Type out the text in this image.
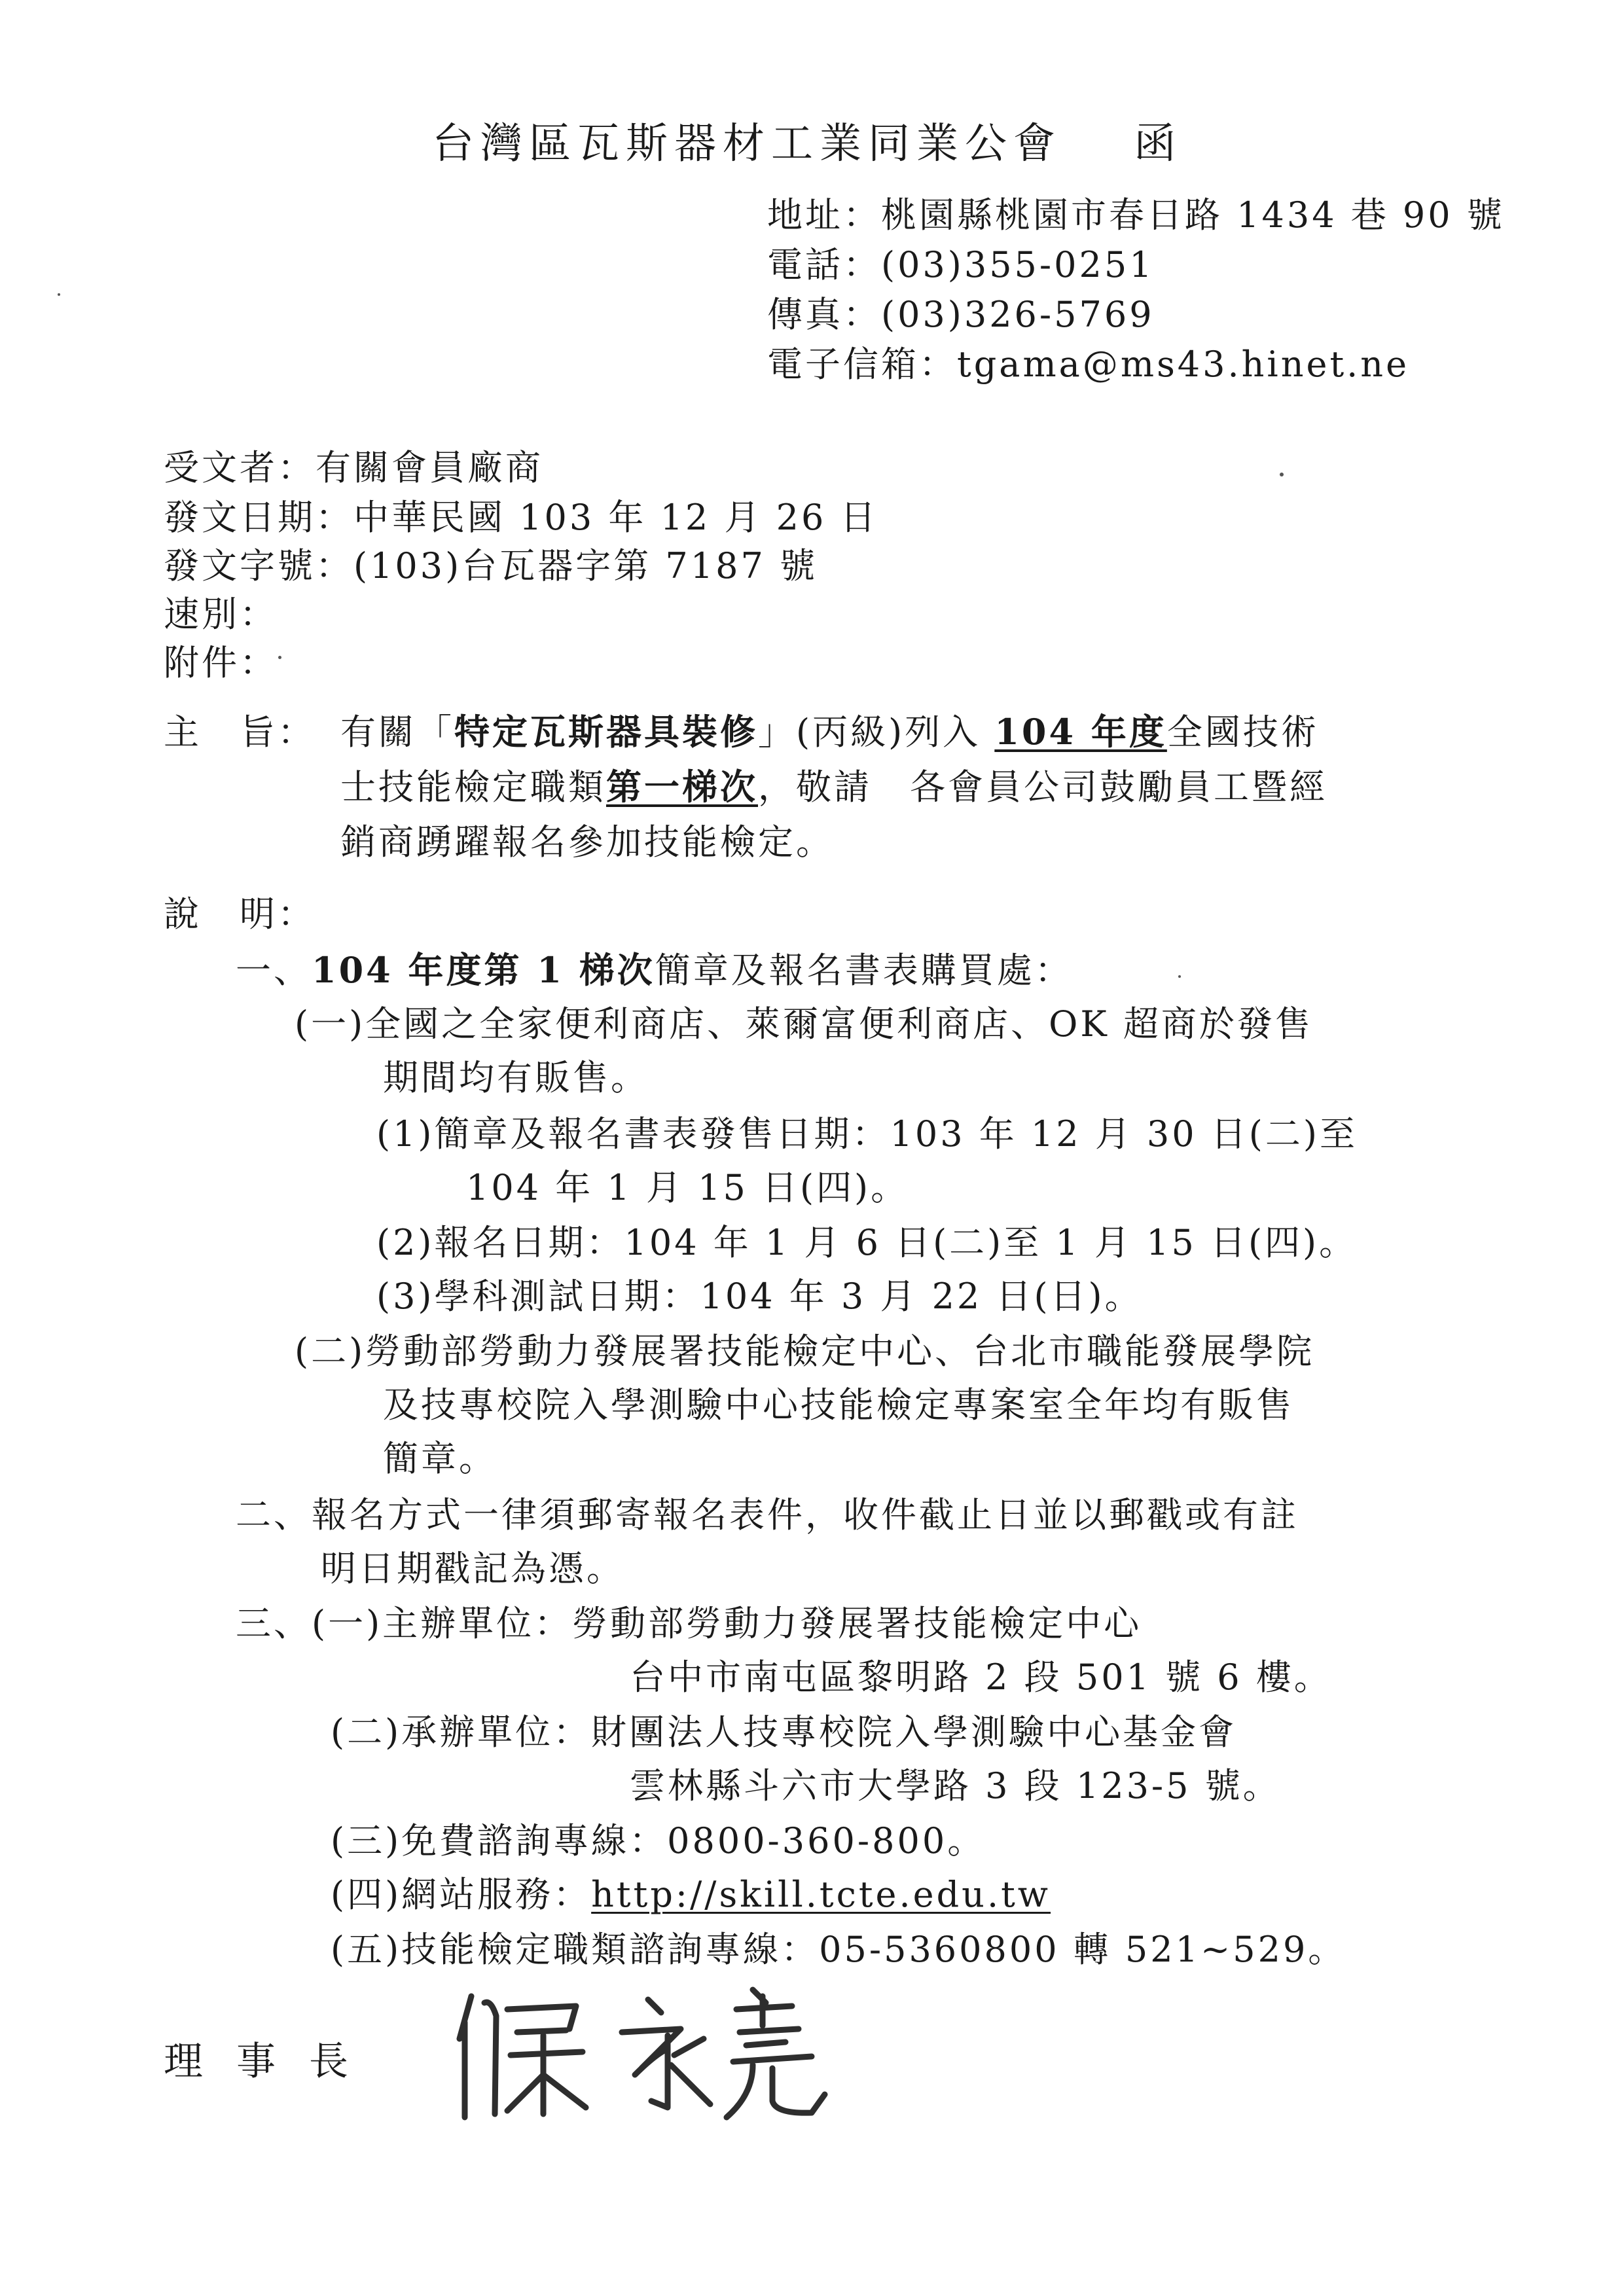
台灣區瓦斯器材工業同業公會 函
地址：桃園縣桃園市春日路 1434 巷 90 號
電話：(03)355-0251
傳真：(03)326-5769
電子信箱：tgama@ms43.hinet.ne
受文者：有關會員廠商
發文日期：中華民國 103 年 12 月 26 日
發文字號：(103)台瓦器字第 7187 號
速別：
附件：
主　旨： 有關「特定瓦斯器具裝修」(丙級)列入 104 年度全國技術
士技能檢定職類第一梯次，敬請　各會員公司鼓勵員工暨經
銷商踴躍報名參加技能檢定。
說　明：
一、104 年度第 1 梯次簡章及報名書表購買處：
(一)全國之全家便利商店、萊爾富便利商店、OK 超商於發售
期間均有販售。
(1)簡章及報名書表發售日期：103 年 12 月 30 日(二)至
104 年 1 月 15 日(四)。
(2)報名日期：104 年 1 月 6 日(二)至 1 月 15 日(四)。
(3)學科測試日期：104 年 3 月 22 日(日)。
(二)勞動部勞動力發展署技能檢定中心、台北市職能發展學院
及技專校院入學測驗中心技能檢定專案室全年均有販售
簡章。
二、報名方式一律須郵寄報名表件，收件截止日並以郵戳或有註
明日期戳記為憑。
三、(一)主辦單位：勞動部勞動力發展署技能檢定中心
台中市南屯區黎明路 2 段 501 號 6 樓。
(二)承辦單位：財團法人技專校院入學測驗中心基金會
雲林縣斗六市大學路 3 段 123-5 號。
(三)免費諮詢專線：0800-360-800。
(四)網站服務：http://skill.tcte.edu.tw
(五)技能檢定職類諮詢專線：05-5360800 轉 521~529。
理事長
